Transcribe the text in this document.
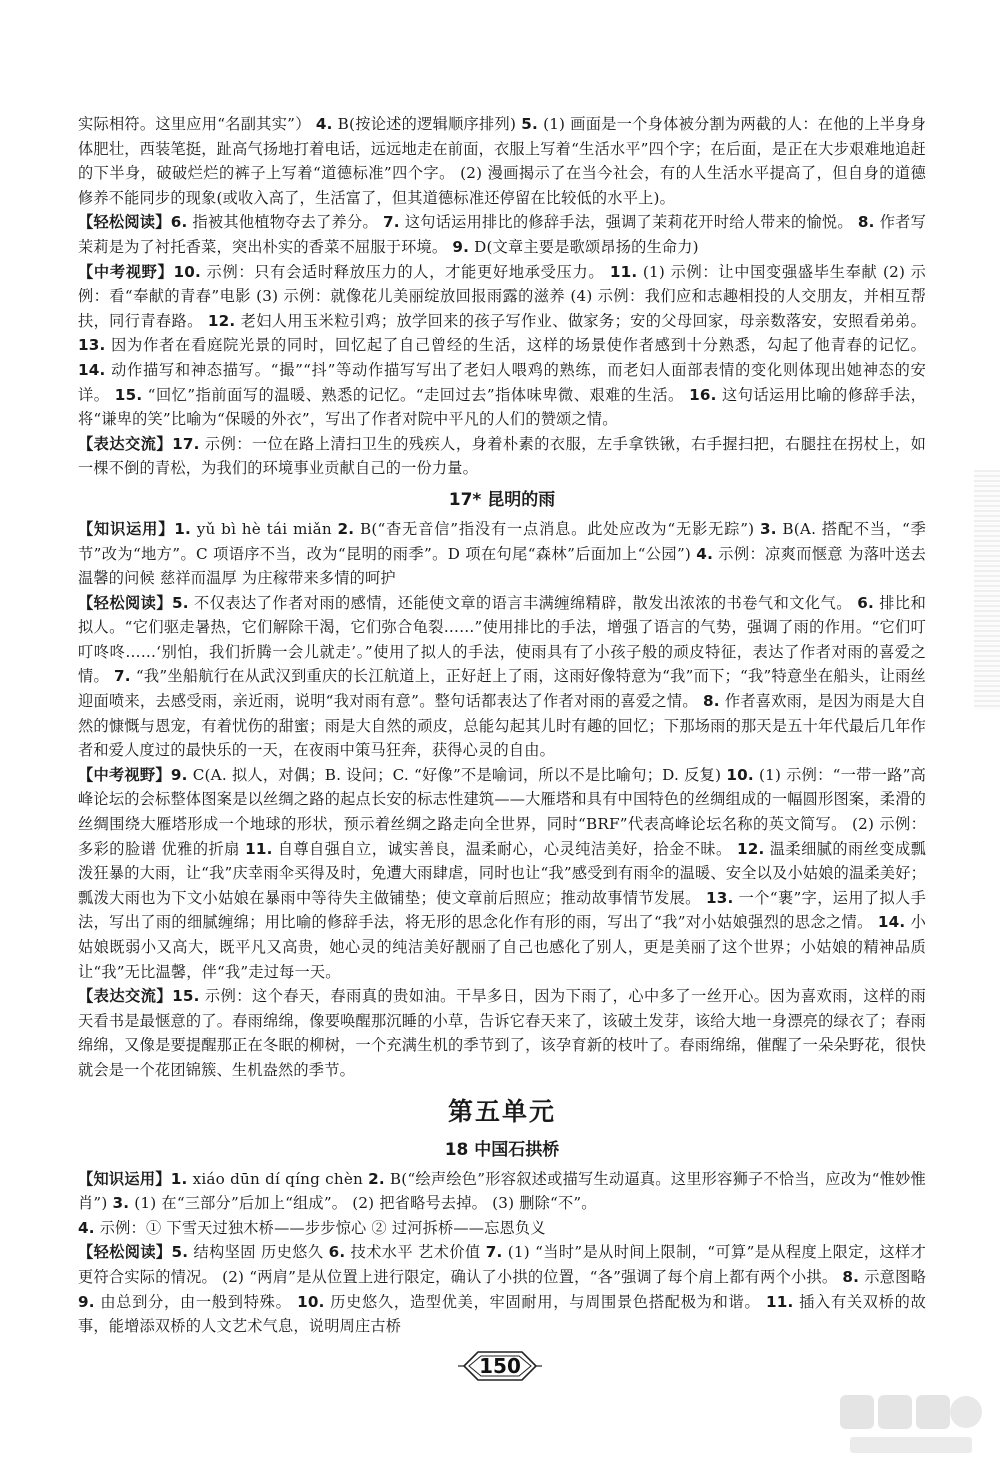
实际相符。这里应用“名副其实”） 4. B(按论述的逻辑顺序排列) 5. (1) 画面是一个身体被分割为两截的人：在他的上半身身体肥壮，西装笔挺，趾高气扬地打着电话，远远地走在前面，衣服上写着“生活水平”四个字；在后面，是正在大步艰难地追赶的下半身，破破烂烂的裤子上写着“道德标准”四个字。 (2) 漫画揭示了在当今社会，有的人生活水平提高了，但自身的道德修养不能同步的现象(或收入高了，生活富了，但其道德标准还停留在比较低的水平上)。

【轻松阅读】6. 指被其他植物夺去了养分。 7. 这句话运用排比的修辞手法，强调了茉莉花开时给人带来的愉悦。 8. 作者写茉莉是为了衬托香菜，突出朴实的香菜不屈服于环境。 9. D(文章主要是歌颂昂扬的生命力)

【中考视野】10. 示例：只有会适时释放压力的人，才能更好地承受压力。 11. (1) 示例：让中国变强盛毕生奉献 (2) 示例：看“奉献的青春”电影 (3) 示例：就像花儿美丽绽放回报雨露的滋养 (4) 示例：我们应和志趣相投的人交朋友，并相互帮扶，同行青春路。 12. 老妇人用玉米粒引鸡；放学回来的孩子写作业、做家务；安的父母回家，母亲数落安，安照看弟弟。 13. 因为作者在看庭院光景的同时，回忆起了自己曾经的生活，这样的场景使作者感到十分熟悉，勾起了他青春的记忆。 14. 动作描写和神态描写。“撮”“抖”等动作描写写出了老妇人喂鸡的熟练，而老妇人面部表情的变化则体现出她神态的安详。 15. “回忆”指前面写的温暖、熟悉的记忆。“走回过去”指体味卑微、艰难的生活。 16. 这句话运用比喻的修辞手法，将“谦卑的笑”比喻为“保暖的外衣”，写出了作者对院中平凡的人们的赞颂之情。

【表达交流】17. 示例：一位在路上清扫卫生的残疾人，身着朴素的衣服，左手拿铁锹，右手握扫把，右腿拄在拐杖上，如一棵不倒的青松，为我们的环境事业贡献自己的一份力量。

17* 昆明的雨

【知识运用】1. yǔ bì hè tái miǎn 2. B(“杳无音信”指没有一点消息。此处应改为“无影无踪”) 3. B(A. 搭配不当，“季节”改为“地方”。C 项语序不当，改为“昆明的雨季”。D 项在句尾“森林”后面加上“公园”) 4. 示例：凉爽而惬意 为落叶送去温馨的问候 慈祥而温厚 为庄稼带来多情的呵护

【轻松阅读】5. 不仅表达了作者对雨的感情，还能使文章的语言丰满缠绵精辟，散发出浓浓的书卷气和文化气。 6. 排比和拟人。“它们驱走暑热，它们解除干渴，它们弥合龟裂……”使用排比的手法，增强了语言的气势，强调了雨的作用。“它们叮叮咚咚……‘别怕，我们折腾一会儿就走’。”使用了拟人的手法，使雨具有了小孩子般的顽皮特征，表达了作者对雨的喜爱之情。 7. “我”坐船航行在从武汉到重庆的长江航道上，正好赶上了雨，这雨好像特意为“我”而下；“我”特意坐在船头，让雨丝迎面喷来，去感受雨，亲近雨，说明“我对雨有意”。整句话都表达了作者对雨的喜爱之情。 8. 作者喜欢雨，是因为雨是大自然的慷慨与恩宠，有着忧伤的甜蜜；雨是大自然的顽皮，总能勾起其儿时有趣的回忆；下那场雨的那天是五十年代最后几年作者和爱人度过的最快乐的一天，在夜雨中策马狂奔，获得心灵的自由。

【中考视野】9. C(A. 拟人，对偶；B. 设问；C. “好像”不是喻词，所以不是比喻句；D. 反复) 10. (1) 示例：“一带一路”高峰论坛的会标整体图案是以丝绸之路的起点长安的标志性建筑——大雁塔和具有中国特色的丝绸组成的一幅圆形图案，柔滑的丝绸围绕大雁塔形成一个地球的形状，预示着丝绸之路走向全世界，同时“BRF”代表高峰论坛名称的英文简写。 (2) 示例：多彩的脸谱 优雅的折扇 11. 自尊自强自立，诚实善良，温柔耐心，心灵纯洁美好，拾金不昧。 12. 温柔细腻的雨丝变成瓢泼狂暴的大雨，让“我”庆幸雨伞买得及时，免遭大雨肆虐，同时也让“我”感受到有雨伞的温暖、安全以及小姑娘的温柔美好；瓢泼大雨也为下文小姑娘在暴雨中等待失主做铺垫；使文章前后照应；推动故事情节发展。 13. 一个“裹”字，运用了拟人手法，写出了雨的细腻缠绵；用比喻的修辞手法，将无形的思念化作有形的雨，写出了“我”对小姑娘强烈的思念之情。 14. 小姑娘既弱小又高大，既平凡又高贵，她心灵的纯洁美好靓丽了自己也感化了别人，更是美丽了这个世界；小姑娘的精神品质让“我”无比温馨，伴“我”走过每一天。

【表达交流】15. 示例：这个春天，春雨真的贵如油。干旱多日，因为下雨了，心中多了一丝开心。因为喜欢雨，这样的雨天看书是最惬意的了。春雨绵绵，像要唤醒那沉睡的小草，告诉它春天来了，该破土发芽，该给大地一身漂亮的绿衣了；春雨绵绵，又像是要提醒那正在冬眠的柳树，一个充满生机的季节到了，该孕育新的枝叶了。春雨绵绵，催醒了一朵朵野花，很快就会是一个花团锦簇、生机盎然的季节。

第五单元
18 中国石拱桥

【知识运用】1. xiáo dūn dí qíng chèn 2. B(“绘声绘色”形容叙述或描写生动逼真。这里形容狮子不恰当，应改为“惟妙惟肖”) 3. (1) 在“三部分”后加上“组成”。 (2) 把省略号去掉。 (3) 删除“不”。

4. 示例：① 下雪天过独木桥——步步惊心 ② 过河拆桥——忘恩负义

【轻松阅读】5. 结构坚固 历史悠久 6. 技术水平 艺术价值 7. (1) “当时”是从时间上限制，“可算”是从程度上限定，这样才更符合实际的情况。 (2) “两肩”是从位置上进行限定，确认了小拱的位置，“各”强调了每个肩上都有两个小拱。 8. 示意图略 9. 由总到分，由一般到特殊。 10. 历史悠久，造型优美，牢固耐用，与周围景色搭配极为和谐。 11. 插入有关双桥的故事，能增添双桥的人文艺术气息，说明周庄古桥

150
